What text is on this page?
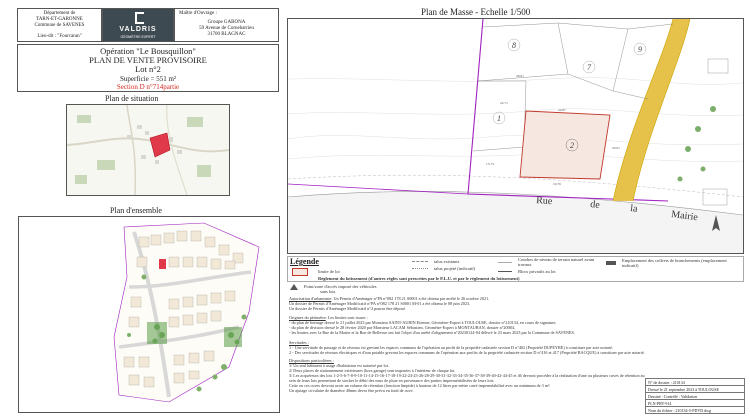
Département de
TARN-ET-GARONNE
Commune de SAVENES
Lieu-dit : "Fourcaran"
VALDRIS
GÉOMÈTRE EXPERT
Maître d'Ouvrage :
Groupe GABONA
59 Avenue de Cornebarrieu
31700 BLAGNAC
Opération "Le Bousquillon"
PLAN DE VENTE PROVISOIRE
Lot n°2
Superficie = 551 m²
Section D n°714partie
Plan de situation
Plan d'ensemble
Plan de Masse - Echelle 1/500
8
7
1
2
9
28.91
22.71
15.73
24.87
19.76
29.01
Rue	de	la
Mairie
Légende
limite de lot
talus existants
talus projeté (indicatif)
Courbes de niveau de terrain naturel avant travaux
Blocs privatifs au lot
Emplacement des coffrets de branchements (emplacement indicatif)
Règlement du lotissement (d'autres règles sont prescrites par le P.L.U. et par le règlement du lotissement)
Point/zone d'accès imposé des véhicules
sans lots
Autorisation d'urbanisme: Un Permis d'Aménager n°PA n°082 178 21 S0001 a été obtenu par arrêté le 26 octobre 2021.
Un dossier de Permis d'Aménager Modificatif n°PA n°082 178 21 S0001 M-01 a été obtenu le 08 juin 2023.
Un dossier de Permis d'Aménager Modificatif n°2 pourra être déposé.
Origines du périmètre: Les limites sont issues :
- du plan de bornage dressé le 21 juillet 2023 par Monsieur SAINT-AUBIN Etienne, Géomètre-Expert à TOULOUSE, dossier n°210134, en cours de signature,
- du plan de division dressé le 28 février 2020 par Monsieur LACAM Sébastien, Géomètre-Expert à MONTAUBAN, dossier n°20084,
- les limites avec la Rue de la Mairie et la Rue de Bellevue ont fait l'objet d'un arrêté d'alignement n°20230124-04 délivré le 23 mars 2023 par la Commune de SAVENES.
Servitudes :
1 - Une servitude de passage et de réseaux est grevant les espaces communs de l'opération au profit de la propriété cadastrée section D n°402 (Propriété DUPEYRE) à constituer par acte notarié.
2 - Des servitudes de réseaux électriques et d'eau potable grevant les espaces communs de l'opération aux profits de la propriété cadastrée section D n°416 et 417 (Propriété BACQUE) à constituer par acte notarié.
Dispositions particulières :
1/ Un seul bâtiment à usage d'habitation est autorisé par lot.
2/ Deux places de stationnement extérieures (hors garage) sont imposées à l'intérieur de chaque lot.
3/ Les acquéreurs des lots 1-2-5-6-7-8-9-10-11-14-15-16-17-18-19-22-24-25-26-28-29-30-31-32-33-34-35-36-37-38-39-40-42-44-45 et 46 devront procéder à la réalisation d'une ou plusieurs cuves de rétention au
sein de leurs lots permettant de stocker le débit des eaux de pluie en provenance des parties imperméabilisées de leurs lots.
Cette ou ces cuves devront avoir un volume de rétention (fonction limpide) à hauteur de 12 litres par mètre carré imperméabilisé avec un minimum de 3 m².
Un ajutage circulaire de diamètre 40mm devra être prévu en fond de cuve.
N° de dossier : 210134
Dressé le 21 septembre 2023 à TOULOUSE
Dessiné : Contrôlé : Validation
PLN-PRV-914
Nom du fichier : 210134-5-PDVD.dwg
